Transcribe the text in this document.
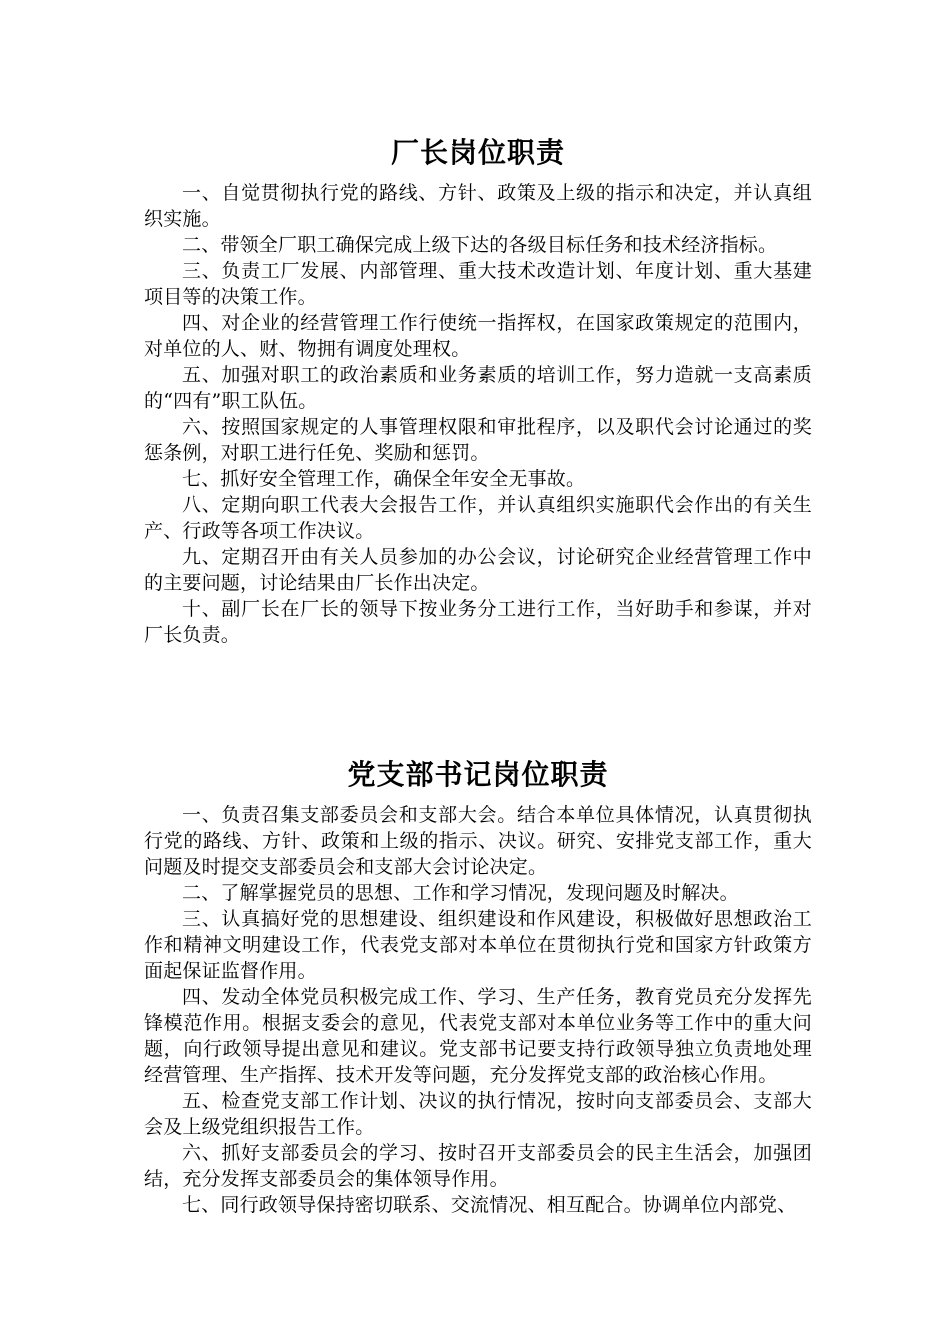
厂长岗位职责

一、自觉贯彻执行党的路线、方针、政策及上级的指示和决定，并认真组织实施。

二、带领全厂职工确保完成上级下达的各级目标任务和技术经济指标。

三、负责工厂发展、内部管理、重大技术改造计划、年度计划、重大基建项目等的决策工作。

四、对企业的经营管理工作行使统一指挥权，在国家政策规定的范围内，对单位的人、财、物拥有调度处理权。

五、加强对职工的政治素质和业务素质的培训工作，努力造就一支高素质的“四有”职工队伍。

六、按照国家规定的人事管理权限和审批程序，以及职代会讨论通过的奖惩条例，对职工进行任免、奖励和惩罚。

七、抓好安全管理工作，确保全年安全无事故。

八、定期向职工代表大会报告工作，并认真组织实施职代会作出的有关生产、行政等各项工作决议。

九、定期召开由有关人员参加的办公会议，讨论研究企业经营管理工作中的主要问题，讨论结果由厂长作出决定。

十、副厂长在厂长的领导下按业务分工进行工作，当好助手和参谋，并对厂长负责。

党支部书记岗位职责

一、负责召集支部委员会和支部大会。结合本单位具体情况，认真贯彻执行党的路线、方针、政策和上级的指示、决议。研究、安排党支部工作，重大问题及时提交支部委员会和支部大会讨论决定。

二、了解掌握党员的思想、工作和学习情况，发现问题及时解决。

三、认真搞好党的思想建设、组织建设和作风建设，积极做好思想政治工作和精神文明建设工作，代表党支部对本单位在贯彻执行党和国家方针政策方面起保证监督作用。

四、发动全体党员积极完成工作、学习、生产任务，教育党员充分发挥先锋模范作用。根据支委会的意见，代表党支部对本单位业务等工作中的重大问题，向行政领导提出意见和建议。党支部书记要支持行政领导独立负责地处理经营管理、生产指挥、技术开发等问题，充分发挥党支部的政治核心作用。

五、检查党支部工作计划、决议的执行情况，按时向支部委员会、支部大会及上级党组织报告工作。

六、抓好支部委员会的学习、按时召开支部委员会的民主生活会，加强团结，充分发挥支部委员会的集体领导作用。

七、同行政领导保持密切联系、交流情况、相互配合。协调单位内部党、
